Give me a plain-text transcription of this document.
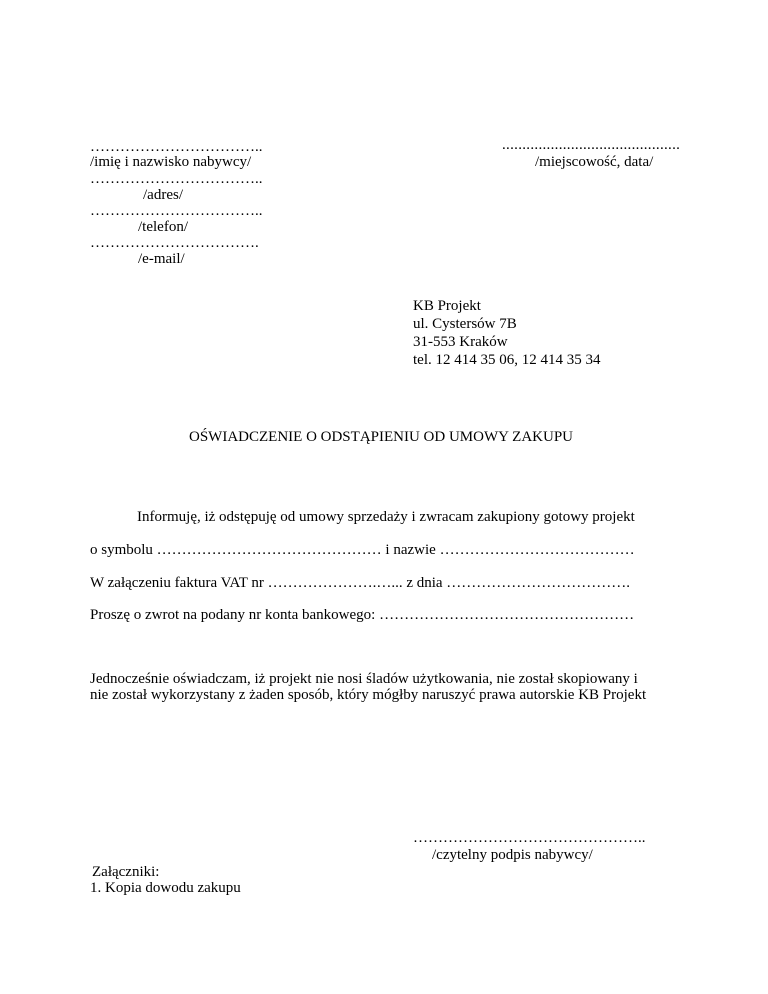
……………………………..
/imię i nazwisko nabywcy/
……………………………..
/adres/
……………………………..
/telefon/
…………………………….
/e-mail/
............................................
/miejscowość, data/
KB Projekt
ul. Cystersów 7B
31-553 Kraków
tel. 12 414 35 06, 12 414 35 34
OŚWIADCZENIE O ODSTĄPIENIU OD UMOWY ZAKUPU
Informuję, iż odstępuję od umowy sprzedaży i zwracam zakupiony gotowy projekt
o symbolu ……………………………………… i nazwie …………………………………
W załączeniu faktura VAT nr ………………….…... z dnia ……………………………….
Proszę o zwrot na podany nr konta bankowego: ……………………………………………
Jednocześnie oświadczam, iż projekt nie nosi śladów użytkowania, nie został skopiowany i
nie został wykorzystany z żaden sposób, który mógłby naruszyć prawa autorskie KB Projekt
………………………………………..
/czytelny podpis nabywcy/
Załączniki:
1. Kopia dowodu zakupu
